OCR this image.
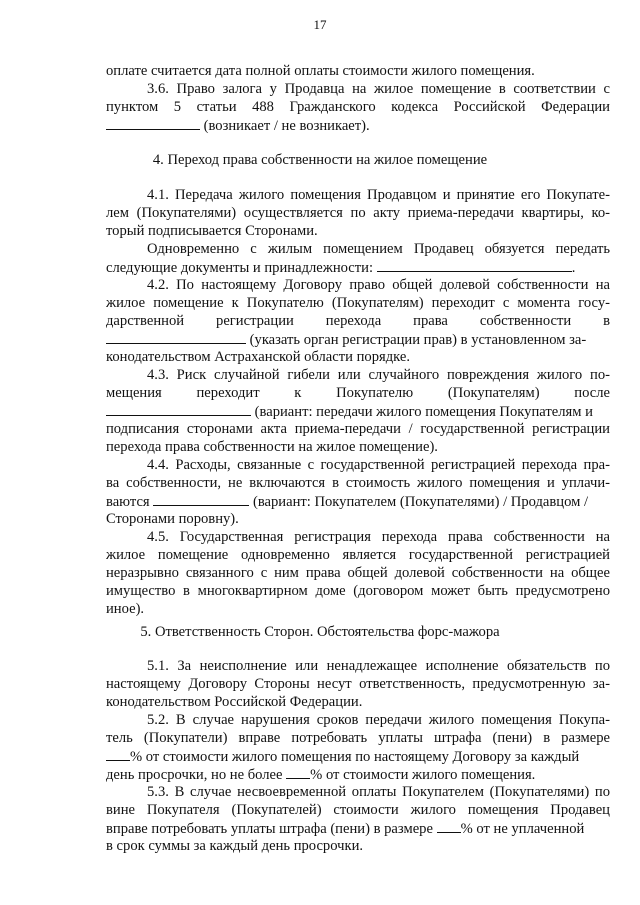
17
оплате считается дата полной оплаты стоимости жилого помещения.
3.6. Право залога у Продавца на жилое помещение в соответствии с
пунктом 5 статьи 488 Гражданского кодекса Российской Федерации
(возникает / не возникает).
4. Переход права собственности на жилое помещение
4.1. Передача жилого помещения Продавцом и принятие его Покупате-
лем (Покупателями) осуществляется по акту приема-передачи квартиры, ко-
торый подписывается Сторонами.
Одновременно с жилым помещением Продавец обязуется передать
следующие документы и принадлежности:	.
4.2. По настоящему Договору право общей долевой собственности на
жилое помещение к Покупателю (Покупателям) переходит с момента госу-
дарственной регистрации перехода права собственности в
(указать орган регистрации прав) в установленном за-
конодательством Астраханской области порядке.
4.3. Риск случайной гибели или случайного повреждения жилого по-
мещения переходит к Покупателю (Покупателям) после
(вариант: передачи жилого помещения Покупателям и
подписания сторонами акта приема-передачи / государственной регистрации
перехода права собственности на жилое помещение).
4.4. Расходы, связанные с государственной регистрацией перехода пра-
ва собственности, не включаются в стоимость жилого помещения и уплачи-
ваются	(вариант: Покупателем (Покупателями) / Продавцом /
Сторонами поровну).
4.5. Государственная регистрация перехода права собственности на
жилое помещение одновременно является государственной регистрацией
неразрывно связанного с ним права общей долевой собственности на общее
имущество в многоквартирном доме (договором может быть предусмотрено
иное).
5. Ответственность Сторон. Обстоятельства форс-мажора
5.1. За неисполнение или ненадлежащее исполнение обязательств по
настоящему Договору Стороны несут ответственность, предусмотренную за-
конодательством Российской Федерации.
5.2. В случае нарушения сроков передачи жилого помещения Покупа-
тель (Покупатели) вправе потребовать уплаты штрафа (пени) в размере
% от стоимости жилого помещения по настоящему Договору за каждый
день просрочки, но не более % от стоимости жилого помещения.
5.3. В случае несвоевременной оплаты Покупателем (Покупателями) по
вине Покупателя (Покупателей) стоимости жилого помещения Продавец
вправе потребовать уплаты штрафа (пени) в размере % от не уплаченной
в срок суммы за каждый день просрочки.
